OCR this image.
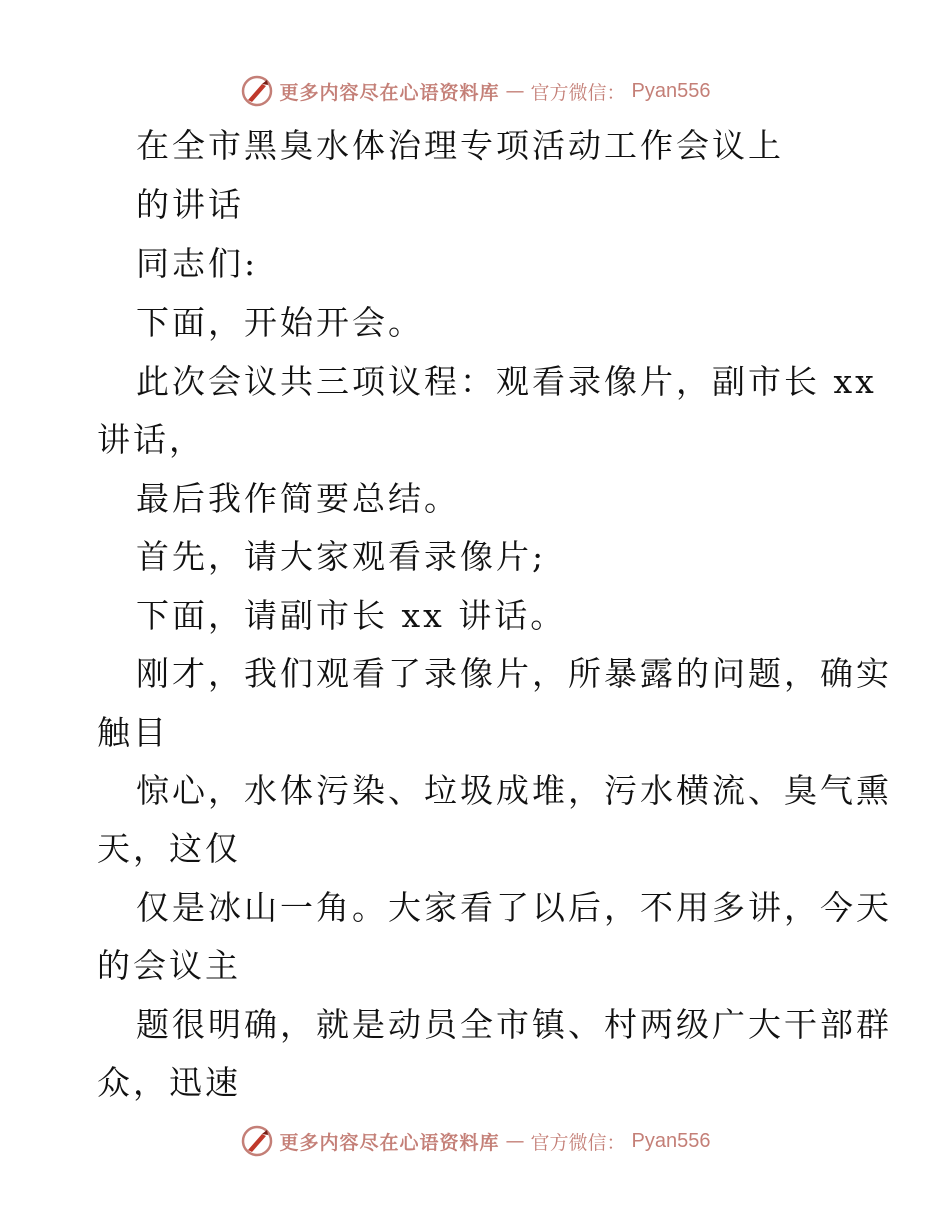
更多内容尽在心语资料库 — 官方微信： Pyan556
在全市黑臭水体治理专项活动工作会议上
的讲话
同志们:
下面，开始开会。
此次会议共三项议程：观看录像片，副市长 xx
讲话，
最后我作简要总结。
首先，请大家观看录像片;
下面，请副市长 xx 讲话。
刚才，我们观看了录像片，所暴露的问题，确实
触目
惊心，水体污染、垃圾成堆，污水横流、臭气熏
天，这仅
仅是冰山一角。大家看了以后，不用多讲，今天
的会议主
题很明确，就是动员全市镇、村两级广大干部群
众，迅速
更多内容尽在心语资料库 — 官方微信： Pyan556
